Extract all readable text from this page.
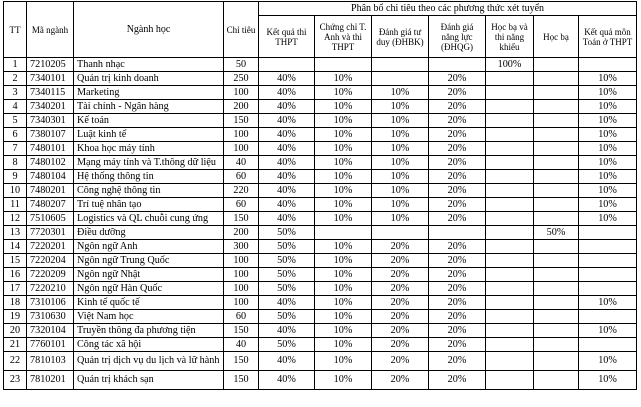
TT	Mã ngành	Ngành học	Chỉ tiêu	Phân bổ chi tiêu theo các phương thức xét tuyển						
				Kết quả thi THPT	Chứng chỉ T. Anh và thi THPT	Đánh giá tư duy (ĐHBK)	Đánh giá năng lực (ĐHQG)	Học bạ và thi năng khiếu	Học bạ	Kết quả môn Toán ở THPT
1	7210205	Thanh nhạc	50					100%		
2	7340101	Quản trị kinh doanh	250	40%	10%		20%			10%
3	7340115	Marketing	100	40%	10%	10%	20%			10%
4	7340201	Tài chính - Ngân hàng	200	40%	10%	10%	20%			10%
5	7340301	Kế toán	150	40%	10%	10%	20%			10%
6	7380107	Luật kinh tế	100	40%	10%	10%	20%			10%
7	7480101	Khoa học máy tính	100	40%	10%	10%	20%			10%
8	7480102	Mạng máy tính và T.thông dữ liệu	40	40%	10%	10%	20%			10%
9	7480104	Hệ thống thông tin	60	40%	10%	10%	20%			10%
10	7480201	Công nghệ thông tin	220	40%	10%	10%	20%			10%
11	7480207	Trí tuệ nhân tạo	60	40%	10%	10%	20%			10%
12	7510605	Logistics và QL chuỗi cung ứng	150	40%	10%	10%	20%			10%
13	7720301	Điều dưỡng	200	50%					50%	
14	7220201	Ngôn ngữ Anh	300	50%	10%	20%	20%			
15	7220204	Ngôn ngữ Trung Quốc	100	50%	10%	20%	20%			
16	7220209	Ngôn ngữ Nhật	100	50%	10%	20%	20%			
17	7220210	Ngôn ngữ Hàn Quốc	100	50%	10%	20%	20%			
18	7310106	Kinh tế quốc tế	100	40%	10%	20%	20%			10%
19	7310630	Việt Nam học	60	50%	10%	20%	20%			
20	7320104	Truyền thông đa phương tiện	150	40%	10%	20%	20%			10%
21	7760101	Công tác xã hội	40	50%	10%	20%	20%			
22	7810103	Quản trị dịch vụ du lịch và lữ hành	150	40%	10%	20%	20%			10%
23	7810201	Quản trị khách sạn	150	40%	10%	20%	20%			10%
